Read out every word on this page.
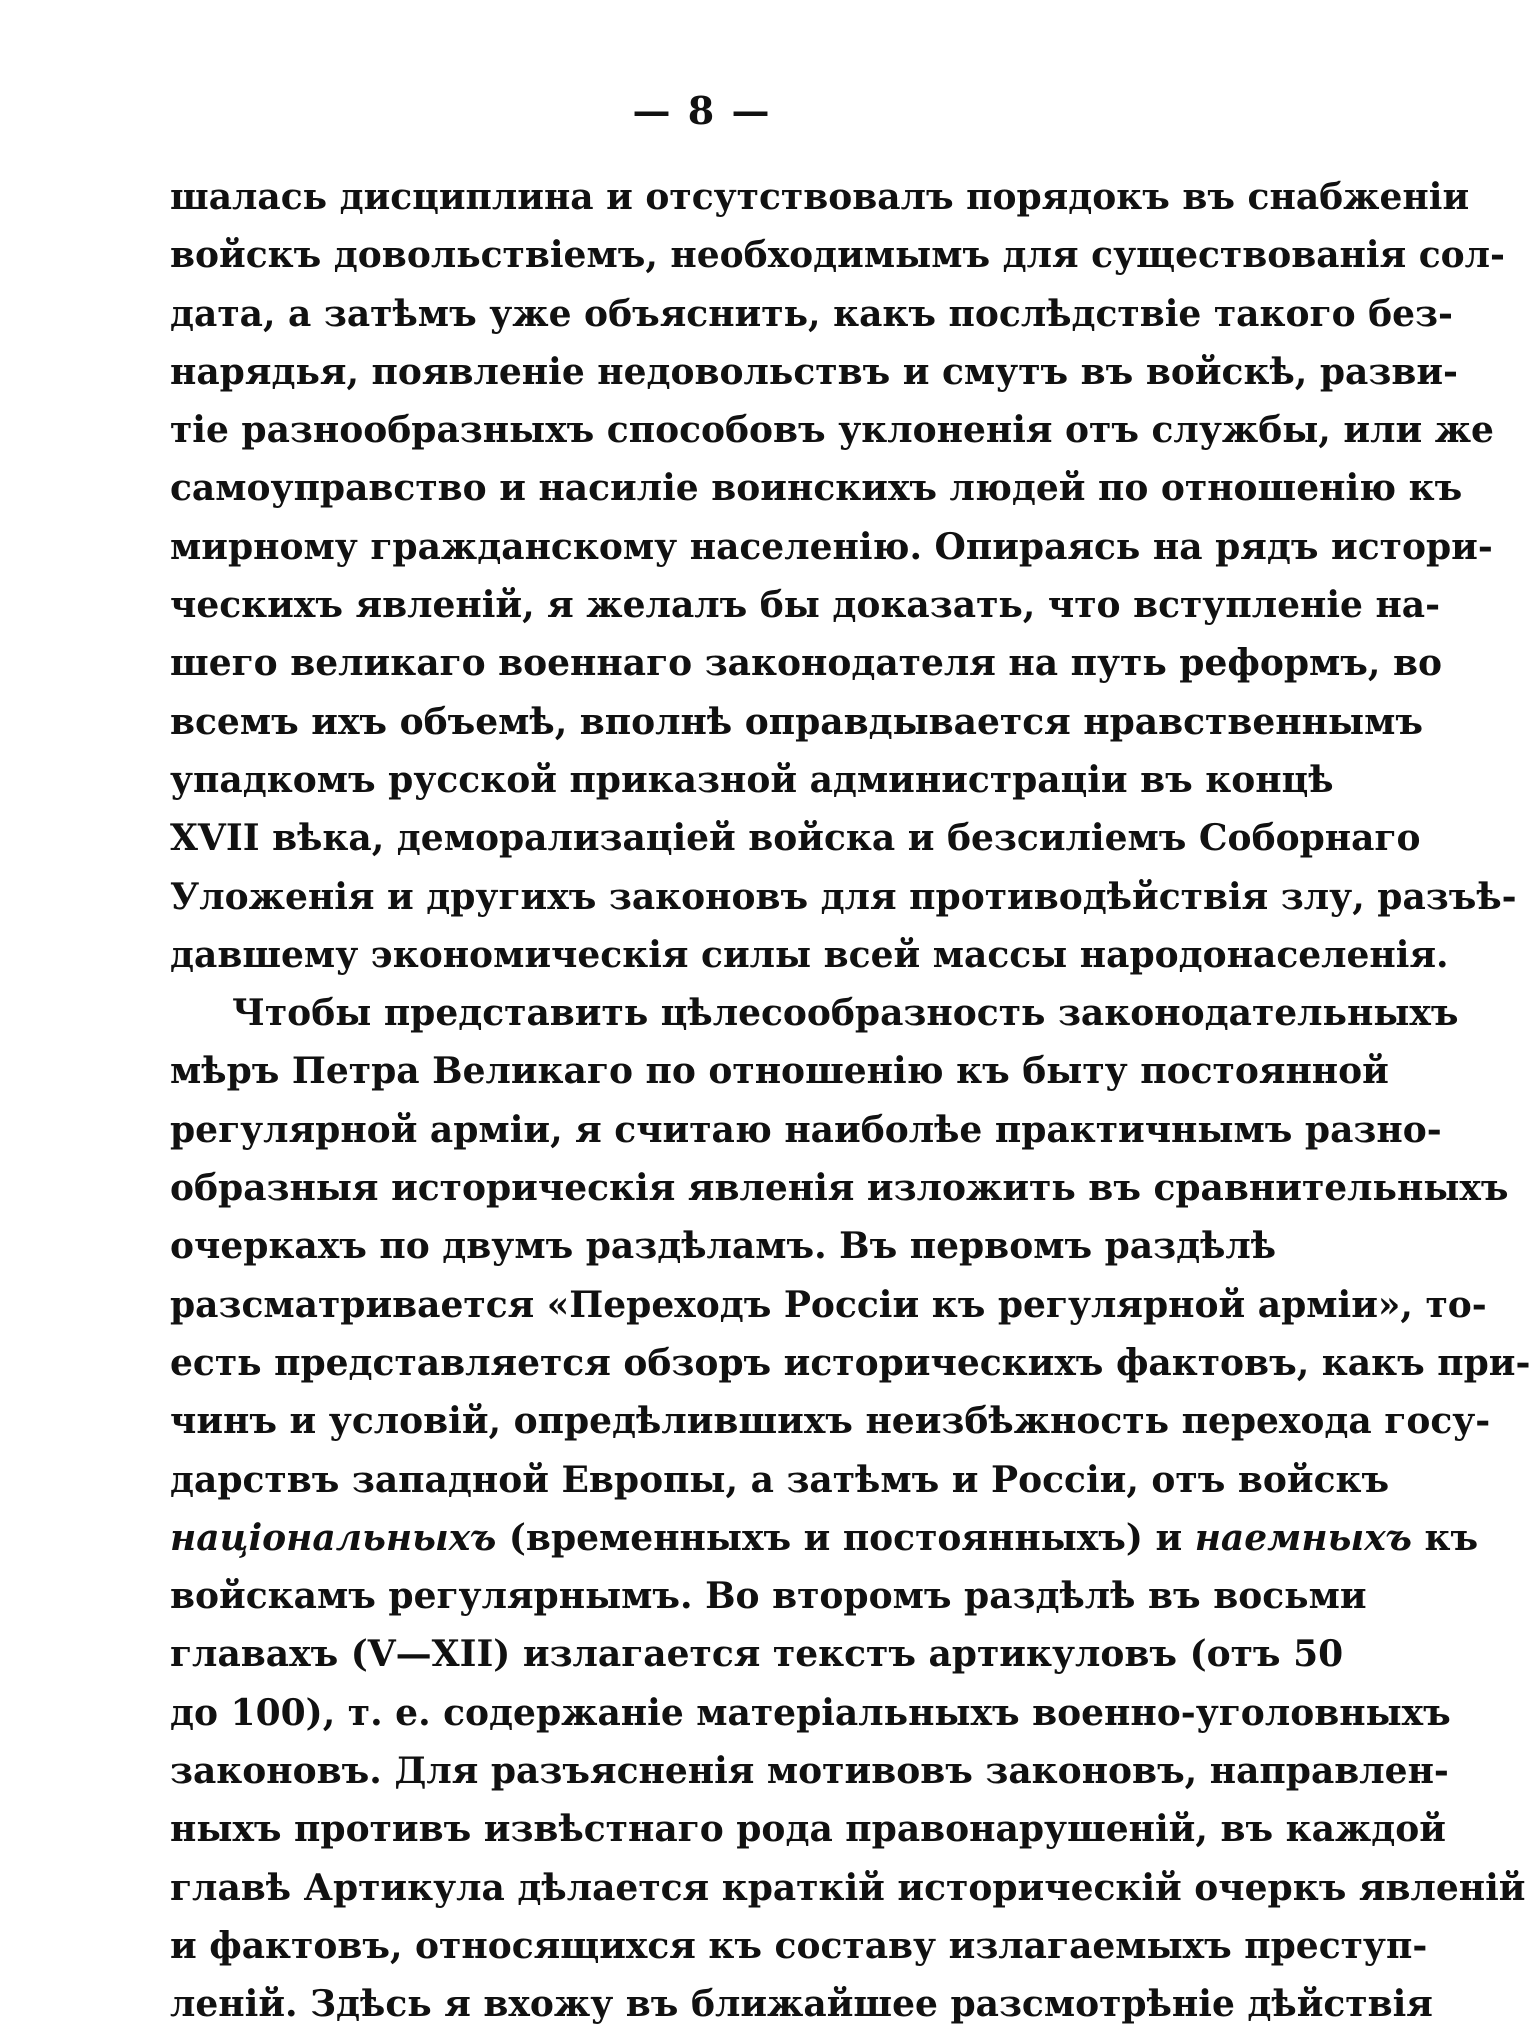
— 8 —
шалась дисциплина и отсутствовалъ порядокъ въ снабженіи
войскъ довольствіемъ, необходимымъ для существованія сол-
дата, а затѣмъ уже объяснить, какъ послѣдствіе такого без-
нарядья, появленіе недовольствъ и смутъ въ войскѣ, разви-
тіе разнообразныхъ способовъ уклоненія отъ службы, или же
самоуправство и насиліе воинскихъ людей по отношенію къ
мирному гражданскому населенію. Опираясь на рядъ истори-
ческихъ явленій, я желалъ бы доказать, что вступленіе на-
шего великаго военнаго законодателя на путь реформъ, во
всемъ ихъ объемѣ, вполнѣ оправдывается нравственнымъ
упадкомъ русской приказной администраціи въ концѣ
XVII вѣка, деморализаціей войска и безсиліемъ Соборнаго
Уложенія и другихъ законовъ для противодѣйствія злу, разъѣ-
давшему экономическія силы всей массы народонаселенія.
Чтобы представить цѣлесообразность законодательныхъ
мѣръ Петра Великаго по отношенію къ быту постоянной
регулярной арміи, я считаю наиболѣе практичнымъ разно-
образныя историческія явленія изложить въ сравнительныхъ
очеркахъ по двумъ раздѣламъ. Въ первомъ раздѣлѣ
разсматривается «Переходъ Россіи къ регулярной арміи», то-
есть представляется обзоръ историческихъ фактовъ, какъ при-
чинъ и условій, опредѣлившихъ неизбѣжность перехода госу-
дарствъ западной Европы, а затѣмъ и Россіи, отъ войскъ
національныхъ (временныхъ и постоянныхъ) и наемныхъ къ
войскамъ регулярнымъ. Во второмъ раздѣлѣ въ восьми
главахъ (V—XII) излагается текстъ артикуловъ (отъ 50
до 100), т. е. содержаніе матеріальныхъ военно-уголовныхъ
законовъ. Для разъясненія мотивовъ законовъ, направлен-
ныхъ противъ извѣстнаго рода правонарушеній, въ каждой
главѣ Артикула дѣлается краткій историческій очеркъ явленій
и фактовъ, относящихся къ составу излагаемыхъ преступ-
леній. Здѣсь я вхожу въ ближайшее разсмотрѣніе дѣйствія
